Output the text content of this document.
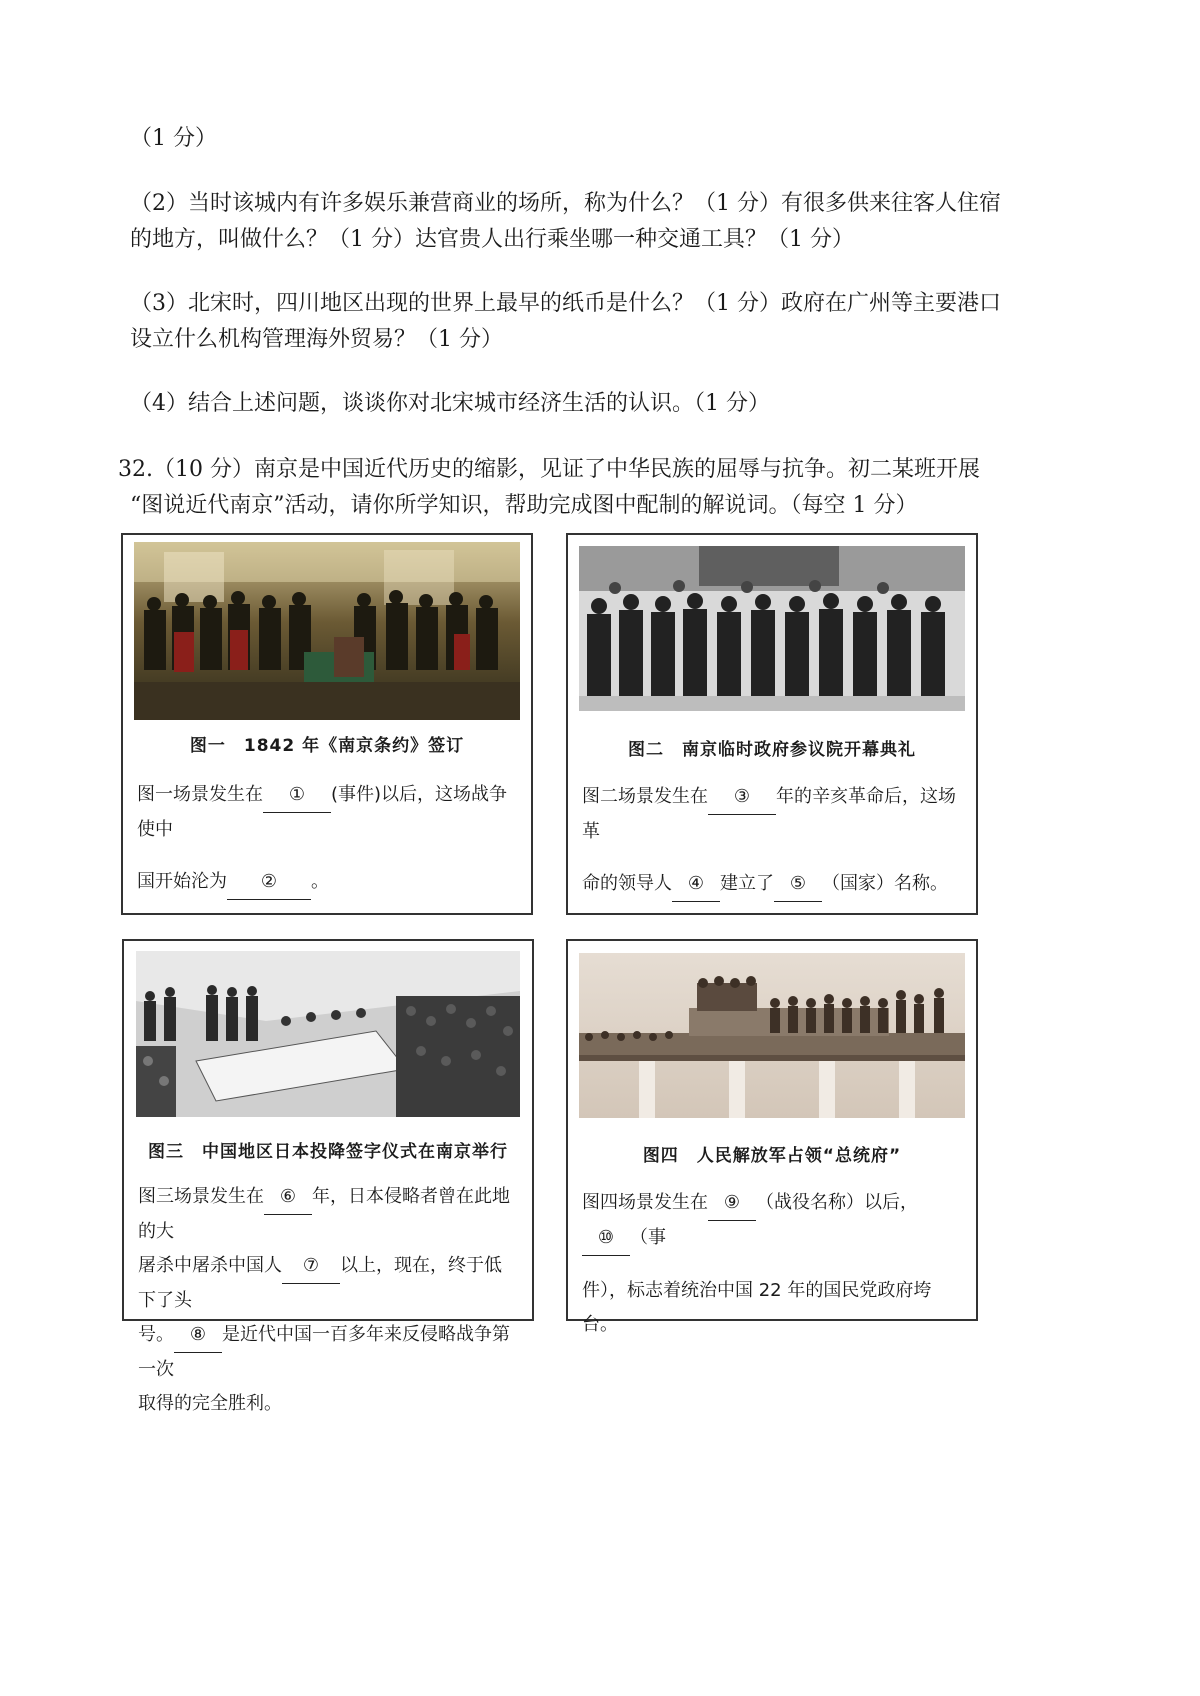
（1 分）

（2）当时该城内有许多娱乐兼营商业的场所，称为什么？（1 分）有很多供来往客人住宿

的地方，叫做什么？（1 分）达官贵人出行乘坐哪一种交通工具？（1 分）

（3）北宋时，四川地区出现的世界上最早的纸币是什么？（1 分）政府在广州等主要港口

设立什么机构管理海外贸易？（1 分）

（4）结合上述问题，谈谈你对北宋城市经济生活的认识。（1 分）

32.（10 分）南京是中国近代历史的缩影，见证了中华民族的屈辱与抗争。初二某班开展

“图说近代南京”活动，请你所学知识，帮助完成图中配制的解说词。（每空 1 分）

图一　1842 年《南京条约》签订

图一场景发生在 ① (事件)以后，这场战争使中

国开始沦为 ② 。

图二　南京临时政府参议院开幕典礼

图二场景发生在 ③ 年的辛亥革命后，这场革

命的领导人 ④ 建立了 ⑤ （国家）名称。

图三　中国地区日本投降签字仪式在南京举行

图三场景发生在 ⑥ 年，日本侵略者曾在此地的大

屠杀中屠杀中国人 ⑦ 以上，现在，终于低下了头

号。 ⑧ 是近代中国一百多年来反侵略战争第一次

取得的完全胜利。

图四　人民解放军占领“总统府”

图四场景发生在 ⑨ （战役名称）以后，⑩ （事

件），标志着统治中国 22 年的国民党政府垮台。
